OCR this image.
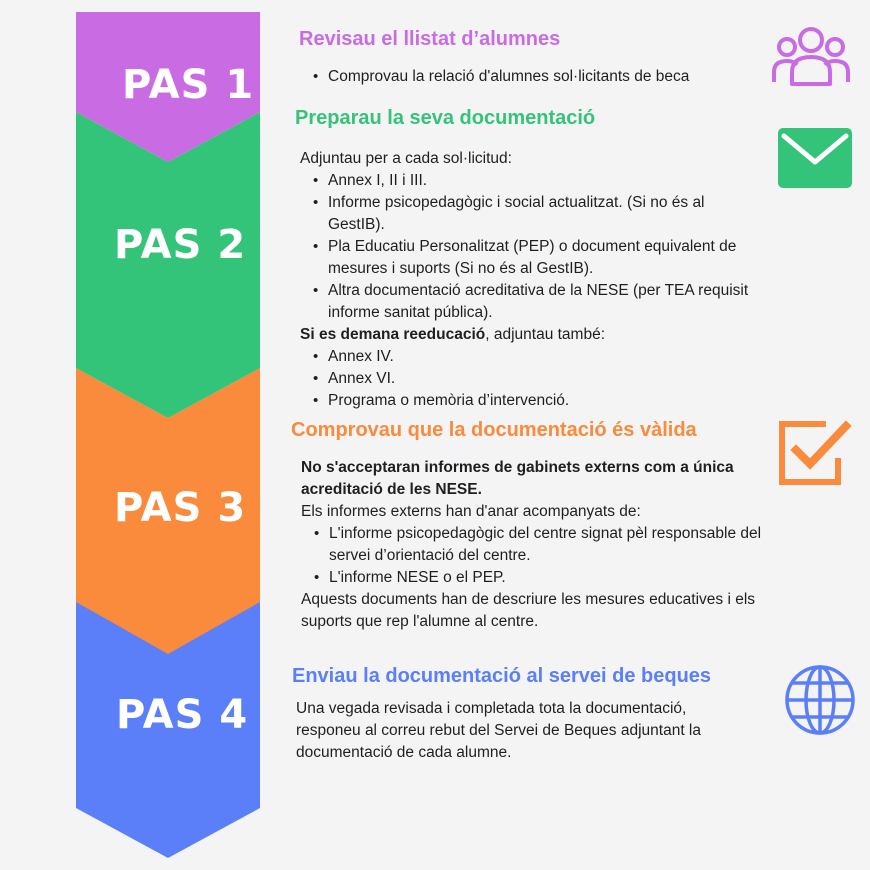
PAS 1
PAS 2
PAS 3
PAS 4
Revisau el llistat d’alumnes
• Comprovau la relació d'alumnes sol·licitants de beca
Preparau la seva documentació

Adjuntau per a cada sol·licitud:

• Annex I, II i III.
• Informe psicopedagògic i social actualitzat. (Si no és al GestIB).
• Pla Educatiu Personalitzat (PEP) o document equivalent de mesures i suports (Si no és al GestIB).
• Altra documentació acreditativa de la NESE (per TEA requisit informe sanitat pública).

Si es demana reeducació, adjuntau també:

• Annex IV.
• Annex VI.
• Programa o memòria d’intervenció.
Comprovau que la documentació és vàlida

No s'acceptaran informes de gabinets externs com a única acreditació de les NESE.

Els informes externs han d'anar acompanyats de:

• L'informe psicopedagògic del centre signat pèl responsable del servei d’orientació del centre.
• L'informe NESE o el PEP.

Aquests documents han de descriure les mesures educatives i els suports que rep l'alumne al centre.

Enviau la documentació al servei de beques

Una vegada revisada i completada tota la documentació, responeu al correu rebut del Servei de Beques adjuntant la documentació de cada alumne.
